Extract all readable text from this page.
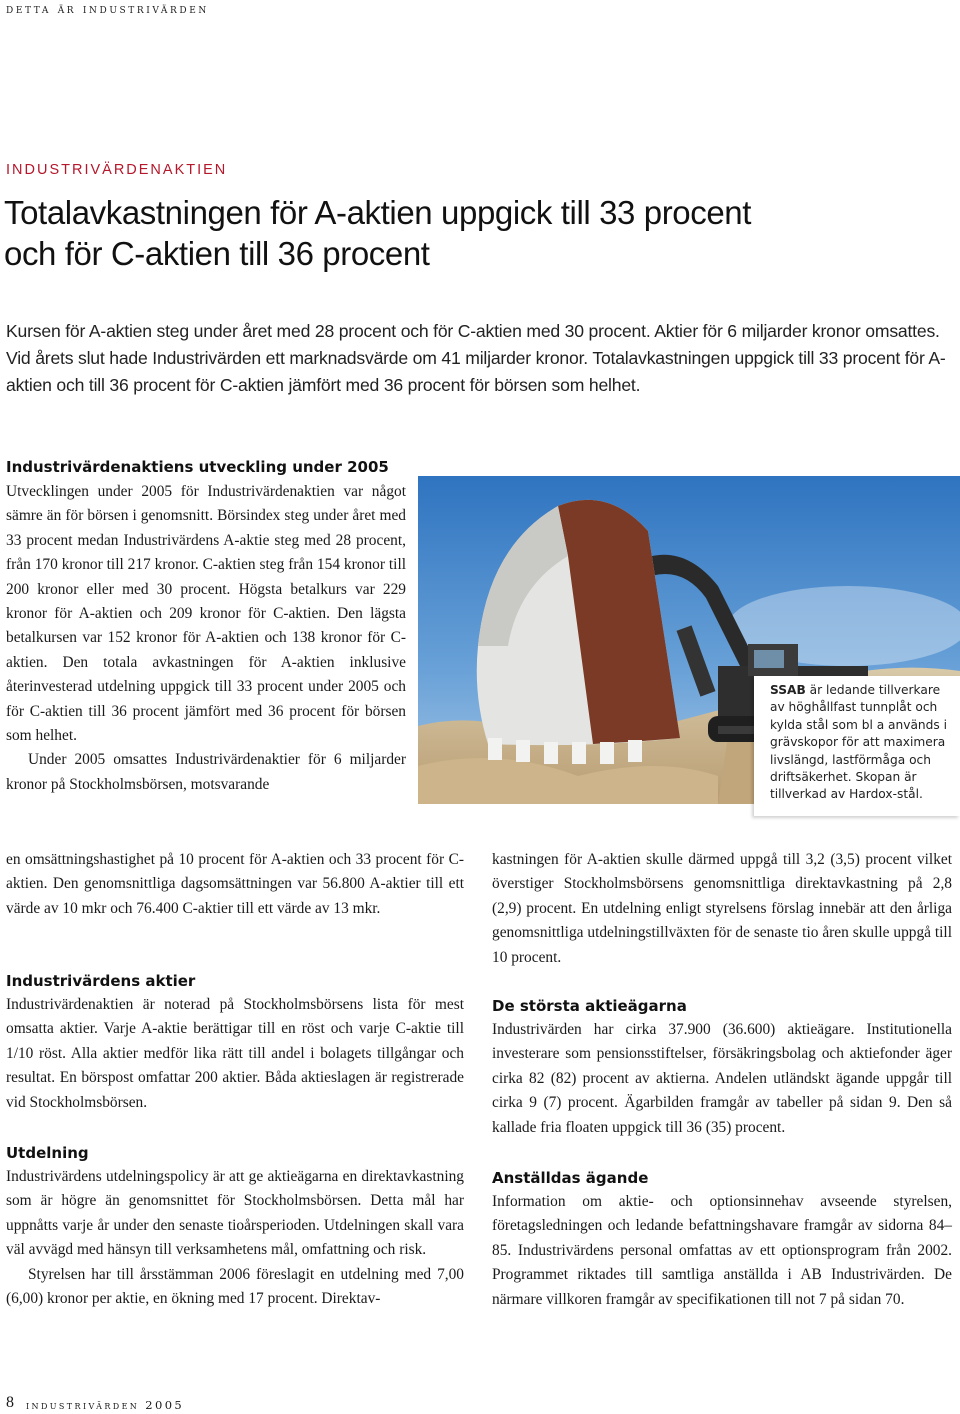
detta är industrivärden
INDUSTRIVÄRDENAKTIEN
Totalavkastningen för A-aktien uppgick till 33 procent och för C-aktien till 36 procent

Kursen för A-aktien steg under året med 28 procent och för C-aktien med 30 procent. Aktier för 6 miljarder kronor omsattes. Vid årets slut hade Industrivärden ett marknadsvärde om 41 miljarder kronor. Totalavkastningen uppgick till 33 procent för A-aktien och till 36 procent för C-aktien jämfört med 36 procent för börsen som helhet.

Industrivärdenaktiens utveckling under 2005

Utvecklingen under 2005 för Industrivärdenaktien var något sämre än för börsen i genomsnitt. Börsindex steg under året med 33 procent medan Industrivärdens A-aktie steg med 28 procent, från 170 kronor till 217 kronor. C-aktien steg från 154 kronor till 200 kronor eller med 30 procent. Högsta betalkurs var 229 kronor för A-aktien och 209 kronor för C-aktien. Den lägsta betalkursen var 152 kronor för A-aktien och 138 kronor för C-aktien. Den totala avkastningen för A-aktien inklusive återinvesterad utdelning uppgick till 33 procent under 2005 och för C-aktien till 36 procent jämfört med 36 procent för börsen som helhet.

Under 2005 omsattes Industrivärdenaktier för 6 miljarder kronor på Stockholmsbörsen, motsvarande

en omsättningshastighet på 10 procent för A-aktien och 33 procent för C-aktien. Den genomsnittliga dagsomsättningen var 56.800 A-aktier till ett värde av 10 mkr och 76.400 C-aktier till ett värde av 13 mkr.

Industrivärdens aktier

Industrivärdenaktien är noterad på Stockholmsbörsens lista för mest omsatta aktier. Varje A-aktie berättigar till en röst och varje C-aktie till 1/10 röst. Alla aktier medför lika rätt till andel i bolagets tillgångar och resultat. En börspost omfattar 200 aktier. Båda aktieslagen är registrerade vid Stockholmsbörsen.

Utdelning

Industrivärdens utdelningspolicy är att ge aktieägarna en direktavkastning som är högre än genomsnittet för Stockholmsbörsen. Detta mål har uppnåtts varje år under den senaste tioårsperioden. Utdelningen skall vara väl avvägd med hänsyn till verksamhetens mål, omfattning och risk.

Styrelsen har till årsstämman 2006 föreslagit en utdelning med 7,00 (6,00) kronor per aktie, en ökning med 17 procent. Direktav-

SSAB är ledande tillverkare av höghållfast tunnplåt och kylda stål som bl a används i grävskopor för att maximera livslängd, lastförmåga och driftsäkerhet. Skopan är tillverkad av Hardox-stål.

kastningen för A-aktien skulle därmed uppgå till 3,2 (3,5) procent vilket överstiger Stockholmsbörsens genomsnittliga direktavkastning på 2,8 (2,9) procent. En utdelning enligt styrelsens förslag innebär att den årliga genomsnittliga utdelningstillväxten för de senaste tio åren skulle uppgå till 10 procent.

De största aktieägarna

Industrivärden har cirka 37.900 (36.600) aktieägare. Institutionella investerare som pensionsstiftelser, försäkringsbolag och aktiefonder äger cirka 82 (82) procent av aktierna. Andelen utländskt ägande uppgår till cirka 9 (7) procent. Ägarbilden framgår av tabeller på sidan 9. Den så kallade fria floaten uppgick till 36 (35) procent.

Anställdas ägande

Information om aktie- och optionsinnehav avseende styrelsen, företagsledningen och ledande befattningshavare framgår av sidorna 84–85. Industrivärdens personal omfattas av ett optionsprogram från 2002. Programmet riktades till samtliga anställda i AB Industrivärden. De närmare villkoren framgår av specifikationen till not 7 på sidan 70.

8 industrivärden 2005
